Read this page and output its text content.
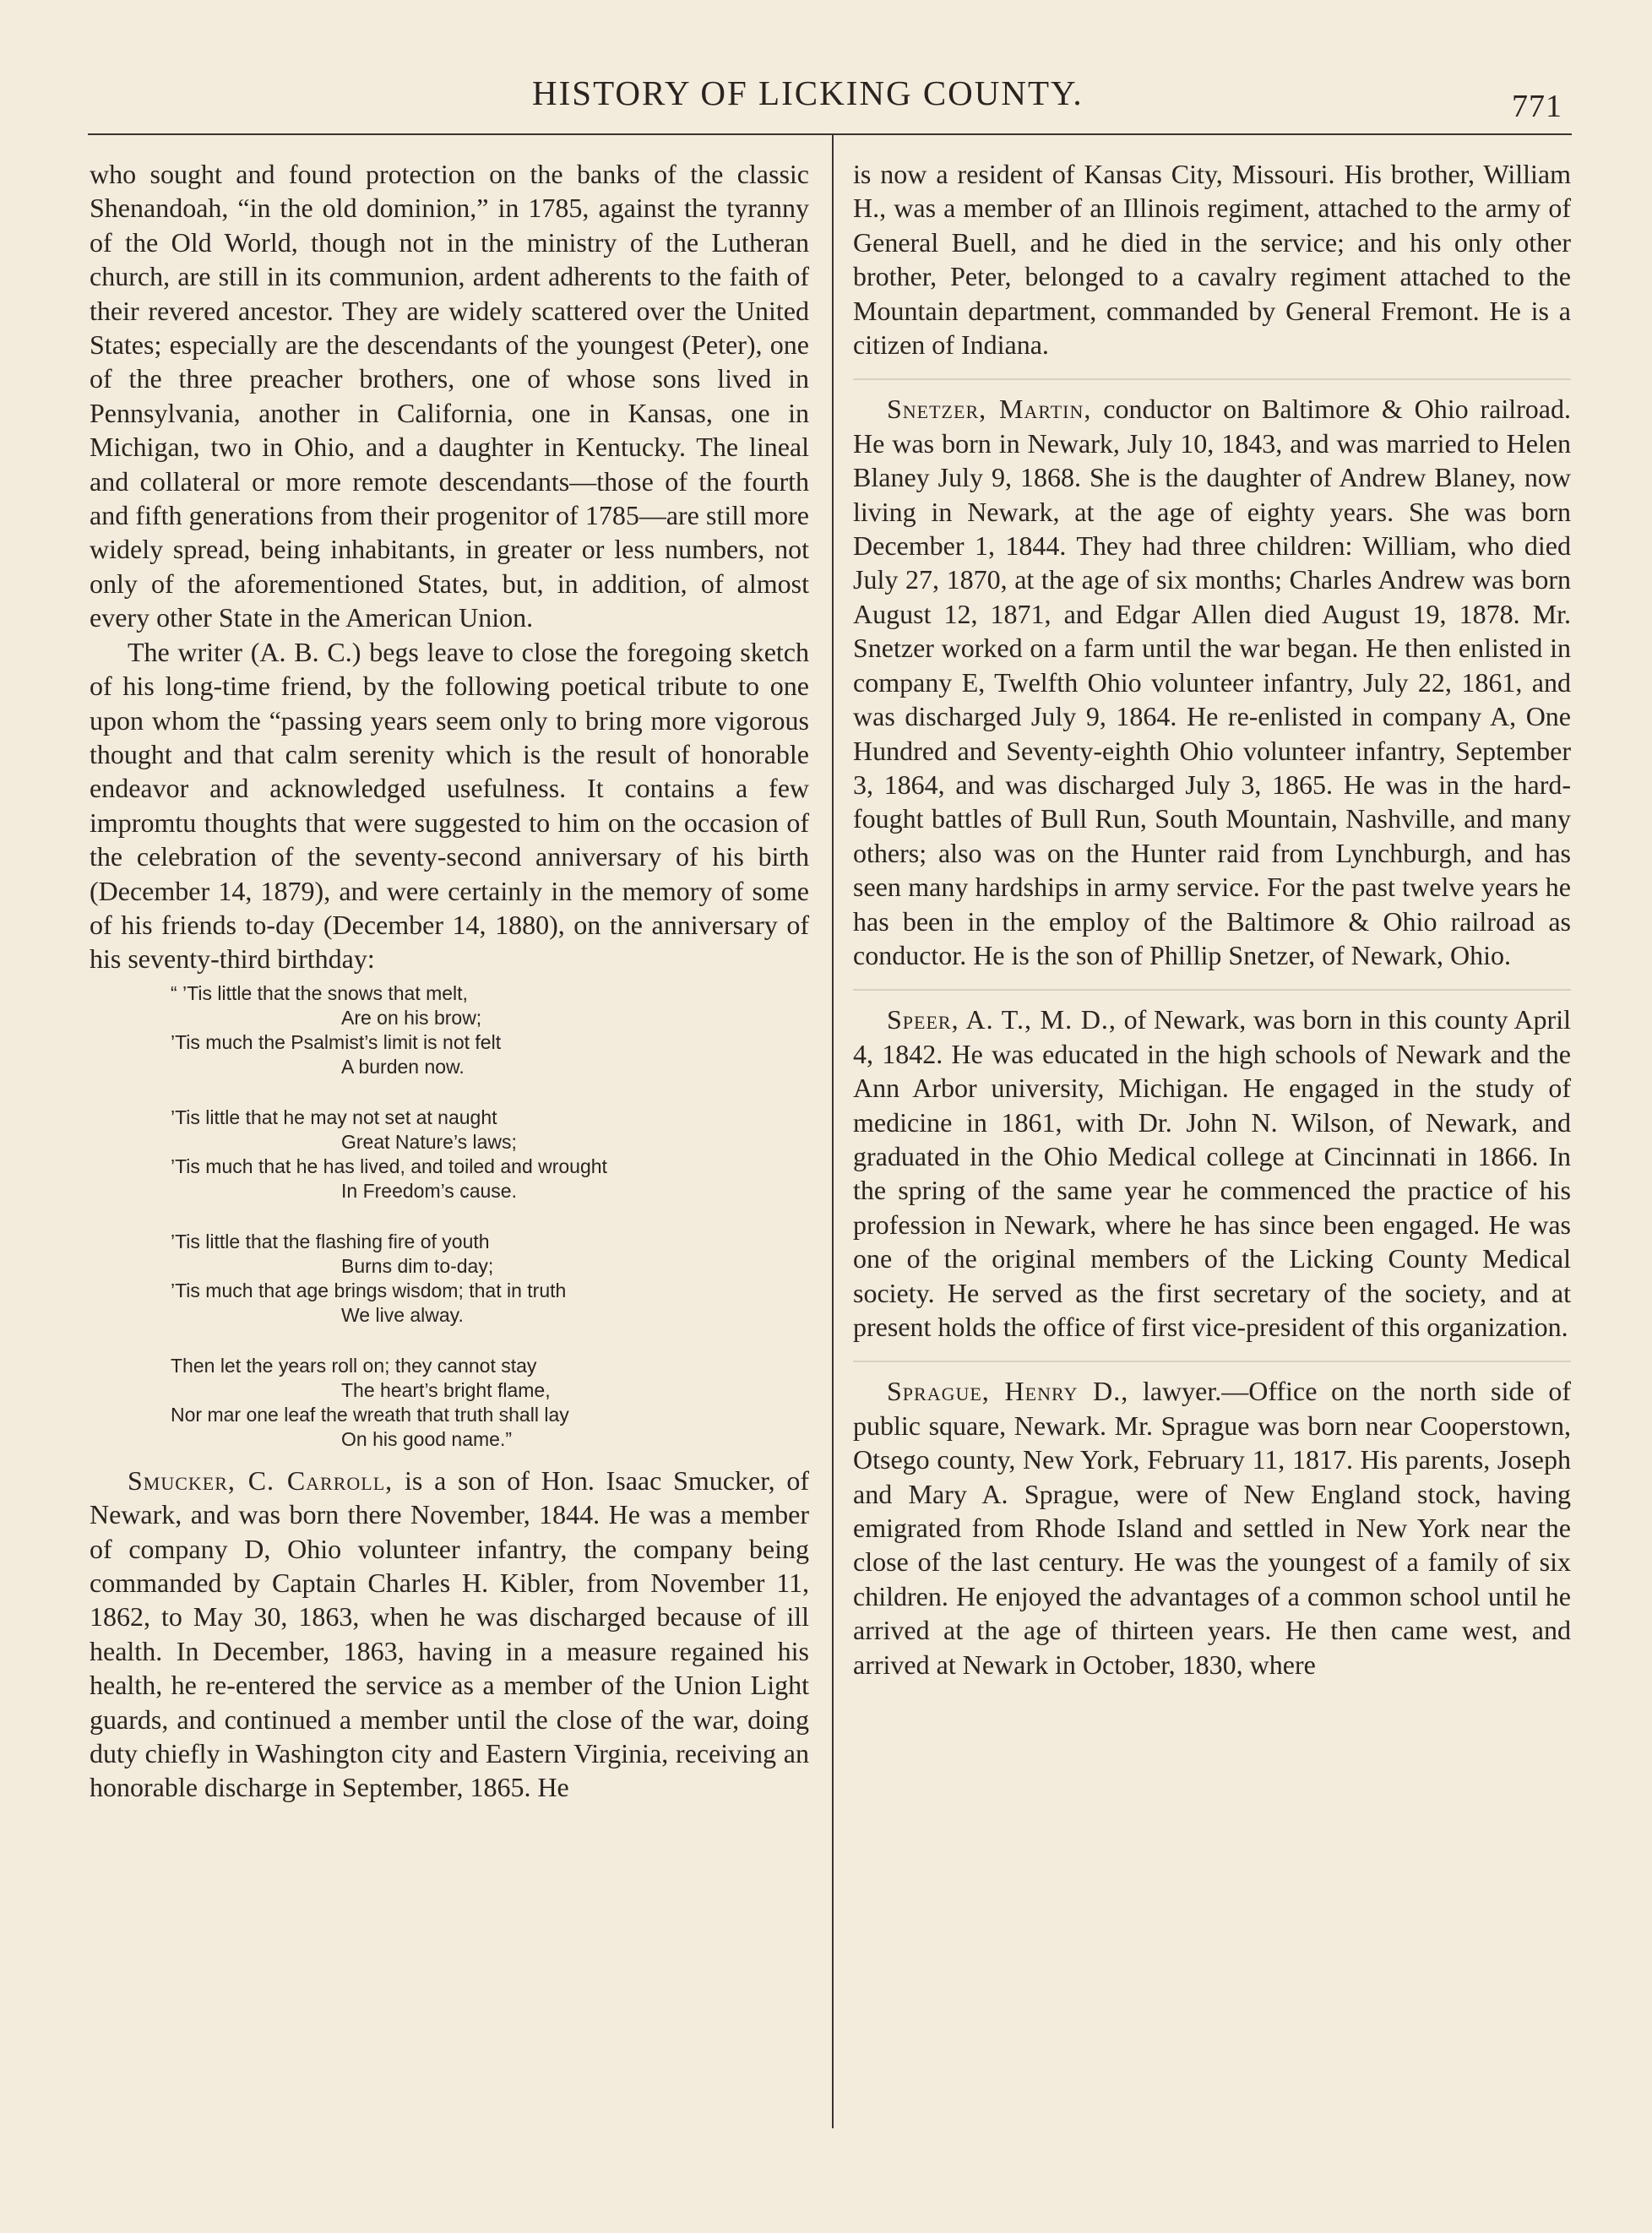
HISTORY OF LICKING COUNTY.	771

who sought and found protection on the banks of the classic Shenandoah, “in the old dominion,” in 1785, against the tyranny of the Old World, though not in the ministry of the Lutheran church, are still in its communion, ardent adherents to the faith of their revered ancestor. They are widely scattered over the United States; especially are the descendants of the youngest (Peter), one of the three preacher brothers, one of whose sons lived in Pennsylvania, another in California, one in Kansas, one in Michigan, two in Ohio, and a daughter in Kentucky. The lineal and collateral or more remote descendants—those of the fourth and fifth generations from their progenitor of 1785—are still more widely spread, being inhabitants, in greater or less numbers, not only of the aforementioned States, but, in addition, of almost every other State in the American Union.

The writer (A. B. C.) begs leave to close the foregoing sketch of his long-time friend, by the following poetical tribute to one upon whom the “passing years seem only to bring more vigorous thought and that calm serenity which is the result of honorable endeavor and acknowledged usefulness. It contains a few impromtu thoughts that were suggested to him on the occasion of the celebration of the seventy-second anniversary of his birth (December 14, 1879), and were certainly in the memory of some of his friends to-day (December 14, 1880), on the anniversary of his seventy-third birthday:

“ ’Tis little that the snows that melt,
Are on his brow;
’Tis much the Psalmist’s limit is not felt
A burden now.
’Tis little that he may not set at naught
Great Nature’s laws;
’Tis much that he has lived, and toiled and wrought
In Freedom’s cause.
’Tis little that the flashing fire of youth
Burns dim to-day;
’Tis much that age brings wisdom; that in truth
We live alway.
Then let the years roll on; they cannot stay
The heart’s bright flame,
Nor mar one leaf the wreath that truth shall lay
On his good name.”

Smucker, C. Carroll, is a son of Hon. Isaac Smucker, of Newark, and was born there November, 1844. He was a member of company D, Ohio volunteer infantry, the company being commanded by Captain Charles H. Kibler, from November 11, 1862, to May 30, 1863, when he was discharged because of ill health. In December, 1863, having in a measure regained his health, he re-entered the service as a member of the Union Light guards, and continued a member until the close of the war, doing duty chiefly in Washington city and Eastern Virginia, receiving an honorable discharge in September, 1865. He

is now a resident of Kansas City, Missouri. His brother, William H., was a member of an Illinois regiment, attached to the army of General Buell, and he died in the service; and his only other brother, Peter, belonged to a cavalry regiment attached to the Mountain department, commanded by General Fremont. He is a citizen of Indiana.

Snetzer, Martin, conductor on Baltimore & Ohio railroad. He was born in Newark, July 10, 1843, and was married to Helen Blaney July 9, 1868. She is the daughter of Andrew Blaney, now living in Newark, at the age of eighty years. She was born December 1, 1844. They had three children: William, who died July 27, 1870, at the age of six months; Charles Andrew was born August 12, 1871, and Edgar Allen died August 19, 1878. Mr. Snetzer worked on a farm until the war began. He then enlisted in company E, Twelfth Ohio volunteer infantry, July 22, 1861, and was discharged July 9, 1864. He re-enlisted in company A, One Hundred and Seventy-eighth Ohio volunteer infantry, September 3, 1864, and was discharged July 3, 1865. He was in the hard-fought battles of Bull Run, South Mountain, Nashville, and many others; also was on the Hunter raid from Lynchburgh, and has seen many hardships in army service. For the past twelve years he has been in the employ of the Baltimore & Ohio railroad as conductor. He is the son of Phillip Snetzer, of Newark, Ohio.

Speer, A. T., M. D., of Newark, was born in this county April 4, 1842. He was educated in the high schools of Newark and the Ann Arbor university, Michigan. He engaged in the study of medicine in 1861, with Dr. John N. Wilson, of Newark, and graduated in the Ohio Medical college at Cincinnati in 1866. In the spring of the same year he commenced the practice of his profession in Newark, where he has since been engaged. He was one of the original members of the Licking County Medical society. He served as the first secretary of the society, and at present holds the office of first vice-president of this organization.

Sprague, Henry D., lawyer.—Office on the north side of public square, Newark. Mr. Sprague was born near Cooperstown, Otsego county, New York, February 11, 1817. His parents, Joseph and Mary A. Sprague, were of New England stock, having emigrated from Rhode Island and settled in New York near the close of the last century. He was the youngest of a family of six children. He enjoyed the advantages of a common school until he arrived at the age of thirteen years. He then came west, and arrived at Newark in October, 1830, where
